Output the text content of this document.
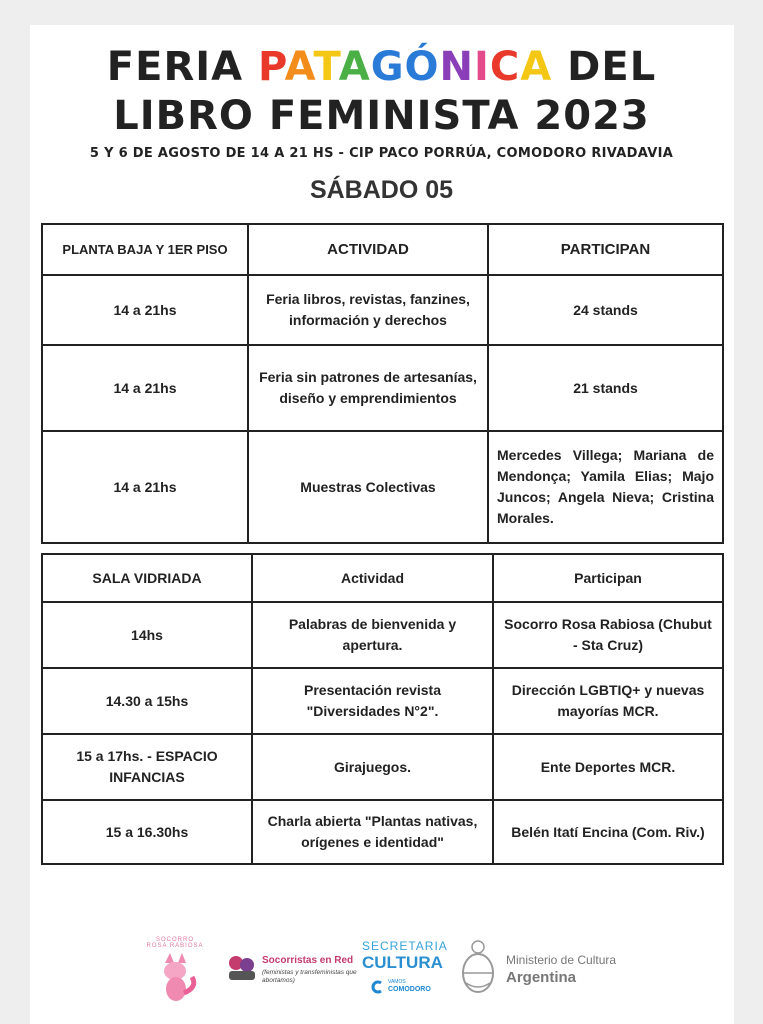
FERIA PATAGÓNICA DEL
LIBRO FEMINISTA 2023
5 Y 6 DE AGOSTO DE 14 A 21 HS - CIP PACO PORRÚA, COMODORO RIVADAVIA
SÁBADO 05
PLANTA BAJA Y 1ER PISO	ACTIVIDAD	PARTICIPAN
14 a 21hs	Feria libros, revistas, fanzines, información y derechos	24 stands
14 a 21hs	Feria sin patrones de artesanías, diseño y emprendimientos	21 stands
14 a 21hs	Muestras Colectivas	Mercedes Villega; Mariana de Mendonça; Yamila Elias; Majo Juncos; Angela Nieva; Cristina Morales.
SALA VIDRIADA	Actividad	Participan
14hs	Palabras de bienvenida y apertura.	Socorro Rosa Rabiosa (Chubut - Sta Cruz)
14.30 a 15hs	Presentación revista "Diversidades N°2".	Dirección LGBTIQ+ y nuevas mayorías MCR.
15 a 17hs. - ESPACIO INFANCIAS	Girajuegos.	Ente Deportes MCR.
15 a 16.30hs	Charla abierta "Plantas nativas, orígenes e identidad"	Belén Itatí Encina (Com. Riv.)
SOCORRO
ROSA RABIOSA
Socorristas en Red
(feministas y transfeministas que abortamos)
SECRETARIA
CULTURA
VAMOS
COMODORO
Ministerio de Cultura
Argentina
